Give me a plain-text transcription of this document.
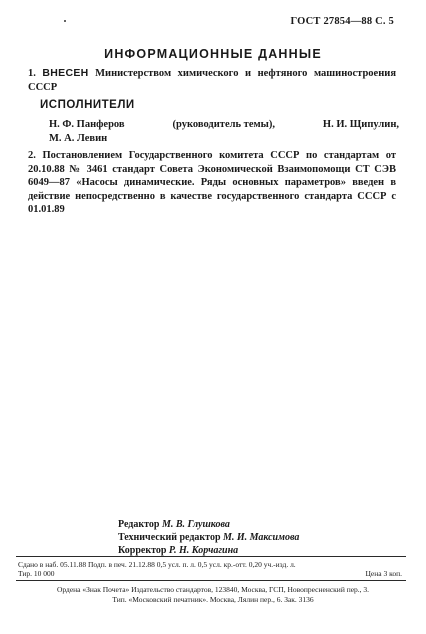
ГОСТ 27854—88 С. 5
ИНФОРМАЦИОННЫЕ ДАННЫЕ
1. ВНЕСЕН Министерством химического и нефтяного машиностроения СССР
ИСПОЛНИТЕЛИ
Н. Ф. Панферов	(руководитель темы),	Н. И. Щипулин,
М. А. Левин
2. Постановлением Государственного комитета СССР по стандартам от 20.10.88 № 3461 стандарт Совета Экономической Взаимопомощи СТ СЭВ 6049—87 «Насосы динамические. Ряды основных параметров» введен в действие непосредственно в качестве государственного стандарта СССР с 01.01.89
Редактор М. В. Глушкова
Технический редактор М. И. Максимова
Корректор Р. Н. Корчагина
Сдано в наб. 05.11.88 Подп. в печ. 21.12.88 0,5 усл. п. л. 0,5 усл. кр.-отт. 0,20 уч.-изд. л.
Тир. 10 000	Цена 3 коп.
Ордена «Знак Почета» Издательство стандартов, 123840, Москва, ГСП, Новопресненский пер., 3.
Тип. «Московский печатник». Москва, Лялин пер., 6. Зак. 3136
